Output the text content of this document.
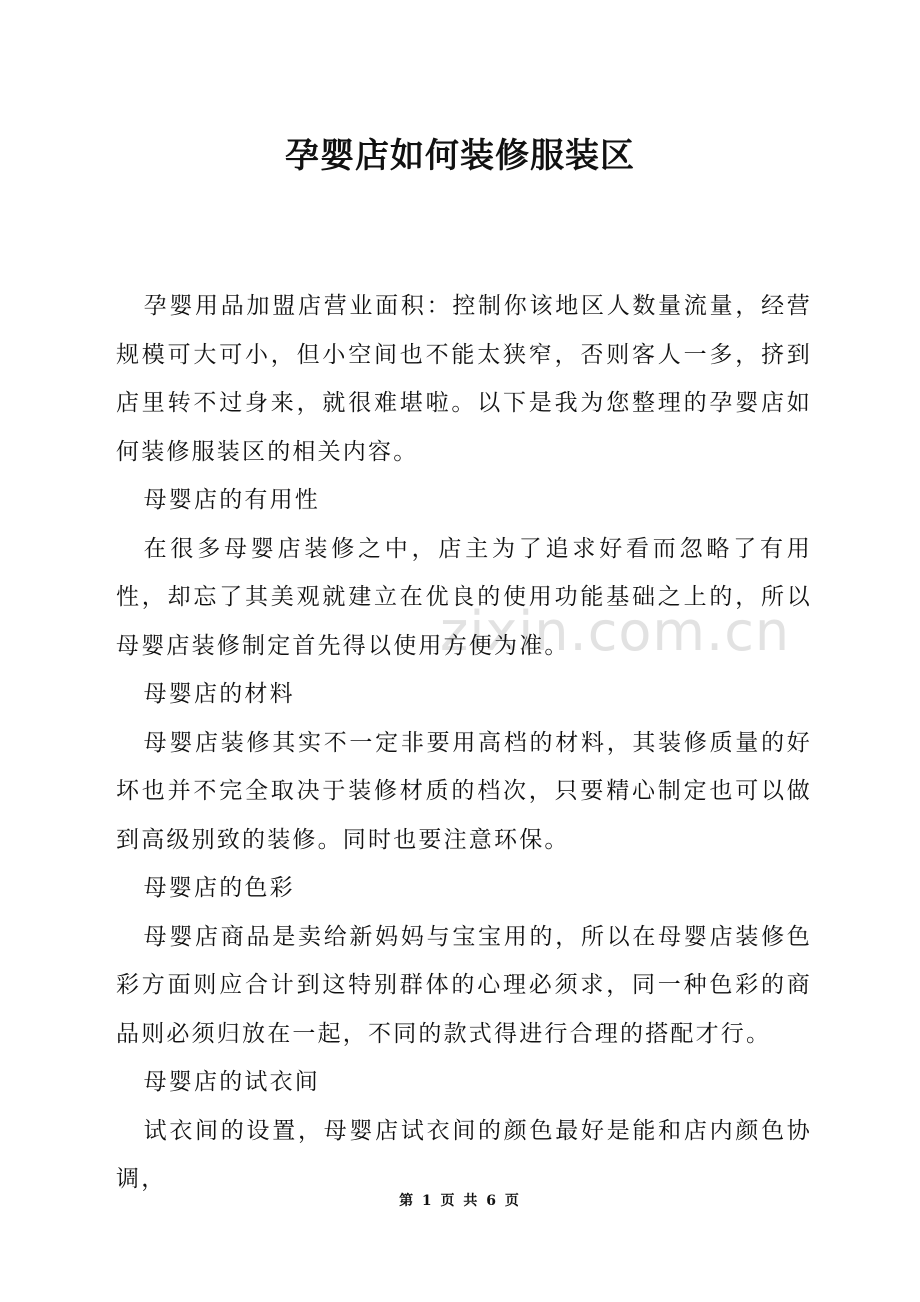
孕婴店如何装修服装区
zixin.com.cn

孕婴用品加盟店营业面积：控制你该地区人数量流量，经营规模可大可小，但小空间也不能太狭窄，否则客人一多，挤到店里转不过身来，就很难堪啦。以下是我为您整理的孕婴店如何装修服装区的相关内容。

母婴店的有用性

在很多母婴店装修之中，店主为了追求好看而忽略了有用性，却忘了其美观就建立在优良的使用功能基础之上的，所以母婴店装修制定首先得以使用方便为准。

母婴店的材料

母婴店装修其实不一定非要用高档的材料，其装修质量的好坏也并不完全取决于装修材质的档次，只要精心制定也可以做到高级别致的装修。同时也要注意环保。

母婴店的色彩

母婴店商品是卖给新妈妈与宝宝用的，所以在母婴店装修色彩方面则应合计到这特别群体的心理必须求，同一种色彩的商品则必须归放在一起，不同的款式得进行合理的搭配才行。

母婴店的试衣间

试衣间的设置，母婴店试衣间的颜色最好是能和店内颜色协调，

第 1 页 共 6 页
